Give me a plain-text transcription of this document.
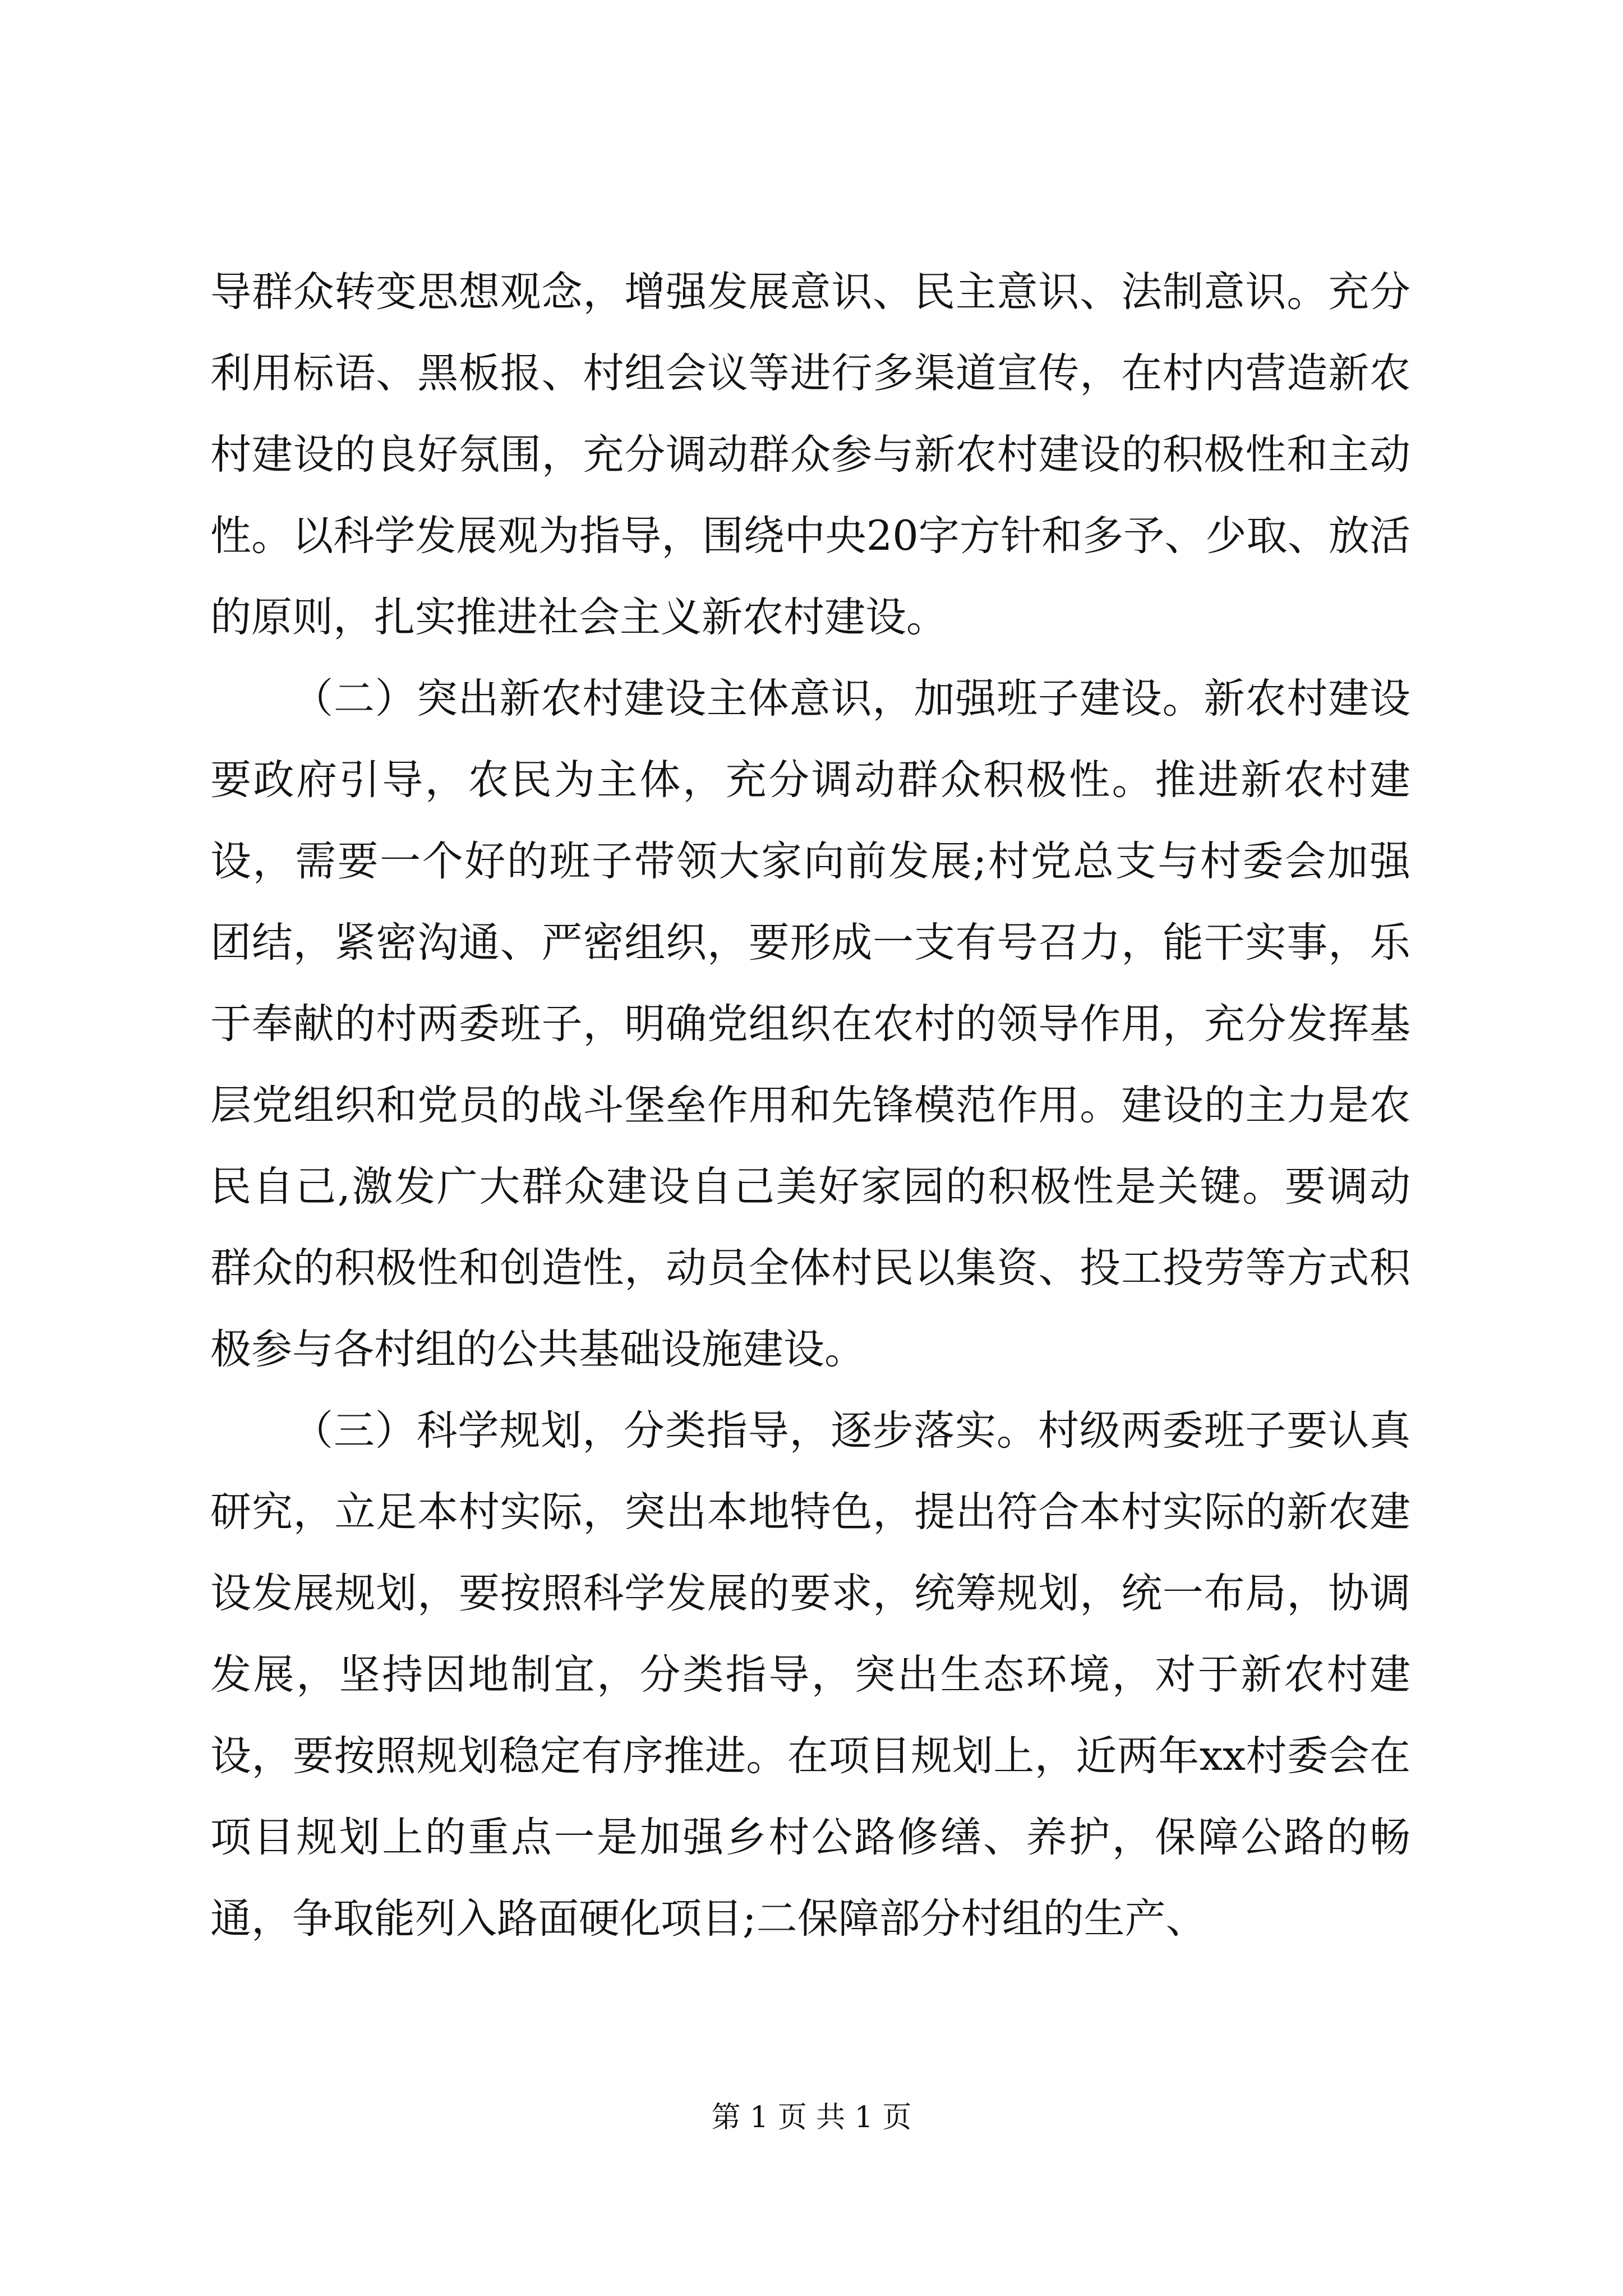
导群众转变思想观念，增强发展意识、民主意识、法制意识。充分利用标语、黑板报、村组会议等进行多渠道宣传，在村内营造新农村建设的良好氛围，充分调动群众参与新农村建设的积极性和主动性。以科学发展观为指导，围绕中央20字方针和多予、少取、放活的原则，扎实推进社会主义新农村建设。

（二）突出新农村建设主体意识，加强班子建设。新农村建设要政府引导，农民为主体，充分调动群众积极性。推进新农村建设，需要一个好的班子带领大家向前发展;村党总支与村委会加强团结，紧密沟通、严密组织，要形成一支有号召力，能干实事，乐于奉献的村两委班子，明确党组织在农村的领导作用，充分发挥基层党组织和党员的战斗堡垒作用和先锋模范作用。建设的主力是农民自己,激发广大群众建设自己美好家园的积极性是关键。要调动群众的积极性和创造性，动员全体村民以集资、投工投劳等方式积极参与各村组的公共基础设施建设。

（三）科学规划，分类指导，逐步落实。村级两委班子要认真研究，立足本村实际，突出本地特色，提出符合本村实际的新农建设发展规划，要按照科学发展的要求，统筹规划，统一布局，协调发展，坚持因地制宜，分类指导，突出生态环境，对于新农村建设，要按照规划稳定有序推进。在项目规划上，近两年xx村委会在项目规划上的重点一是加强乡村公路修缮、养护，保障公路的畅通，争取能列入路面硬化项目;二保障部分村组的生产、

第 1 页 共 1 页
